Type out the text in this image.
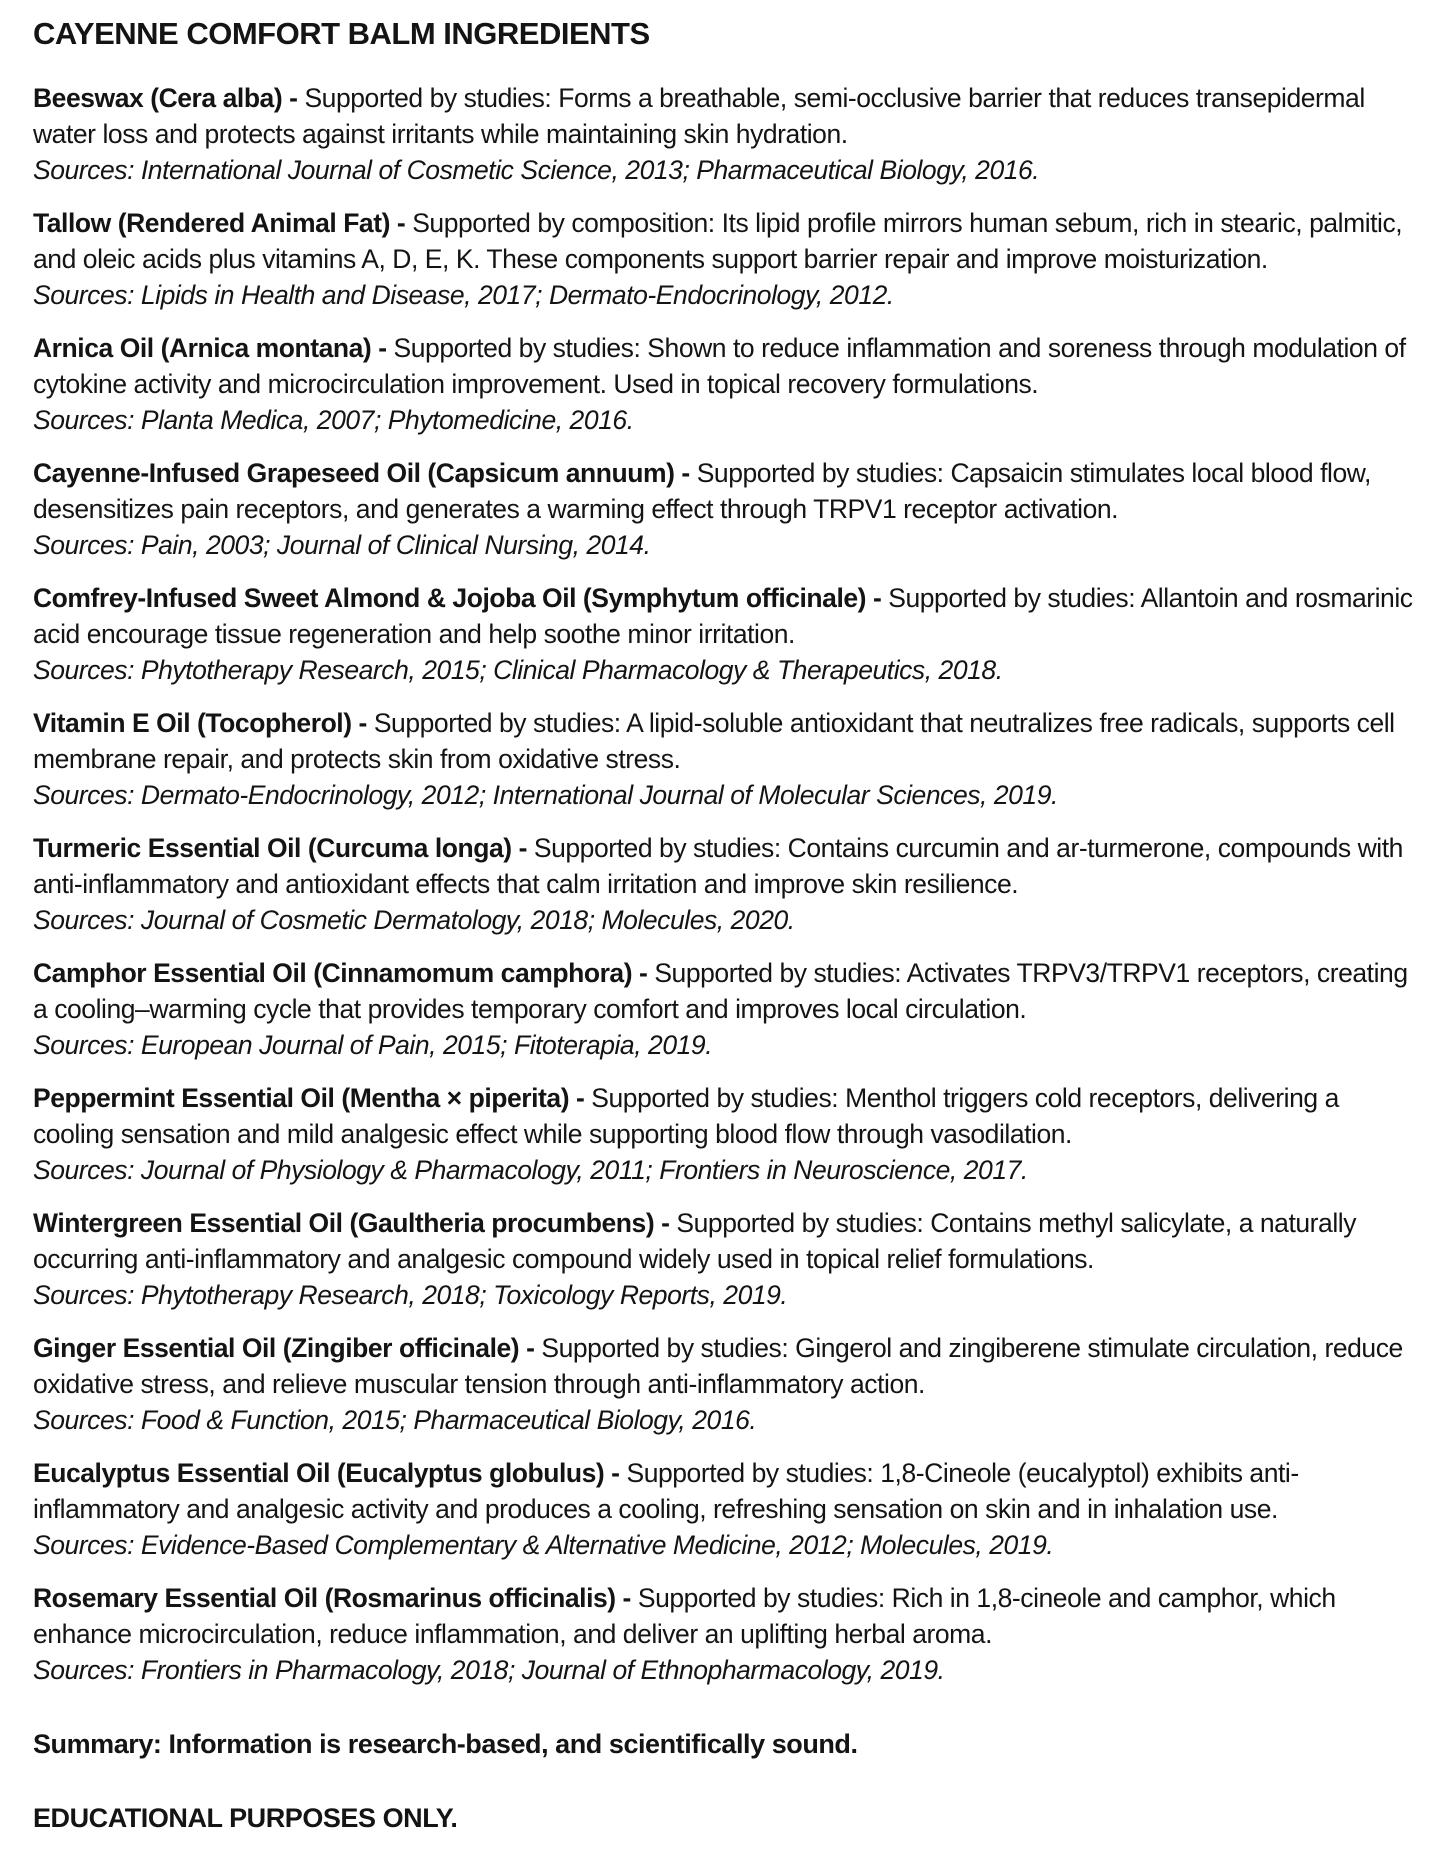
CAYENNE COMFORT BALM INGREDIENTS

Beeswax (Cera alba) - Supported by studies: Forms a breathable, semi-occlusive barrier that reduces transepidermal water loss and protects against irritants while maintaining skin hydration.
Sources: International Journal of Cosmetic Science, 2013; Pharmaceutical Biology, 2016.

Tallow (Rendered Animal Fat) - Supported by composition: Its lipid profile mirrors human sebum, rich in stearic, palmitic, and oleic acids plus vitamins A, D, E, K. These components support barrier repair and improve moisturization.
Sources: Lipids in Health and Disease, 2017; Dermato-Endocrinology, 2012.

Arnica Oil (Arnica montana) - Supported by studies: Shown to reduce inflammation and soreness through modulation of cytokine activity and microcirculation improvement. Used in topical recovery formulations.
Sources: Planta Medica, 2007; Phytomedicine, 2016.

Cayenne-Infused Grapeseed Oil (Capsicum annuum) - Supported by studies: Capsaicin stimulates local blood flow, desensitizes pain receptors, and generates a warming effect through TRPV1 receptor activation.
Sources: Pain, 2003; Journal of Clinical Nursing, 2014.

Comfrey-Infused Sweet Almond & Jojoba Oil (Symphytum officinale) - Supported by studies: Allantoin and rosmarinic acid encourage tissue regeneration and help soothe minor irritation.
Sources: Phytotherapy Research, 2015; Clinical Pharmacology & Therapeutics, 2018.

Vitamin E Oil (Tocopherol) - Supported by studies: A lipid-soluble antioxidant that neutralizes free radicals, supports cell membrane repair, and protects skin from oxidative stress.
Sources: Dermato-Endocrinology, 2012; International Journal of Molecular Sciences, 2019.

Turmeric Essential Oil (Curcuma longa) - Supported by studies: Contains curcumin and ar-turmerone, compounds with anti-inflammatory and antioxidant effects that calm irritation and improve skin resilience.
Sources: Journal of Cosmetic Dermatology, 2018; Molecules, 2020.

Camphor Essential Oil (Cinnamomum camphora) - Supported by studies: Activates TRPV3/TRPV1 receptors, creating a cooling–warming cycle that provides temporary comfort and improves local circulation.
Sources: European Journal of Pain, 2015; Fitoterapia, 2019.

Peppermint Essential Oil (Mentha × piperita) - Supported by studies: Menthol triggers cold receptors, delivering a cooling sensation and mild analgesic effect while supporting blood flow through vasodilation.
Sources: Journal of Physiology & Pharmacology, 2011; Frontiers in Neuroscience, 2017.

Wintergreen Essential Oil (Gaultheria procumbens) - Supported by studies: Contains methyl salicylate, a naturally occurring anti-inflammatory and analgesic compound widely used in topical relief formulations.
Sources: Phytotherapy Research, 2018; Toxicology Reports, 2019.

Ginger Essential Oil (Zingiber officinale) - Supported by studies: Gingerol and zingiberene stimulate circulation, reduce oxidative stress, and relieve muscular tension through anti-inflammatory action.
Sources: Food & Function, 2015; Pharmaceutical Biology, 2016.

Eucalyptus Essential Oil (Eucalyptus globulus) - Supported by studies: 1,8-Cineole (eucalyptol) exhibits anti-inflammatory and analgesic activity and produces a cooling, refreshing sensation on skin and in inhalation use.
Sources: Evidence-Based Complementary & Alternative Medicine, 2012; Molecules, 2019.

Rosemary Essential Oil (Rosmarinus officinalis) - Supported by studies: Rich in 1,8-cineole and camphor, which enhance microcirculation, reduce inflammation, and deliver an uplifting herbal aroma.
Sources: Frontiers in Pharmacology, 2018; Journal of Ethnopharmacology, 2019.

Summary: Information is research-based, and scientifically sound.

EDUCATIONAL PURPOSES ONLY.
